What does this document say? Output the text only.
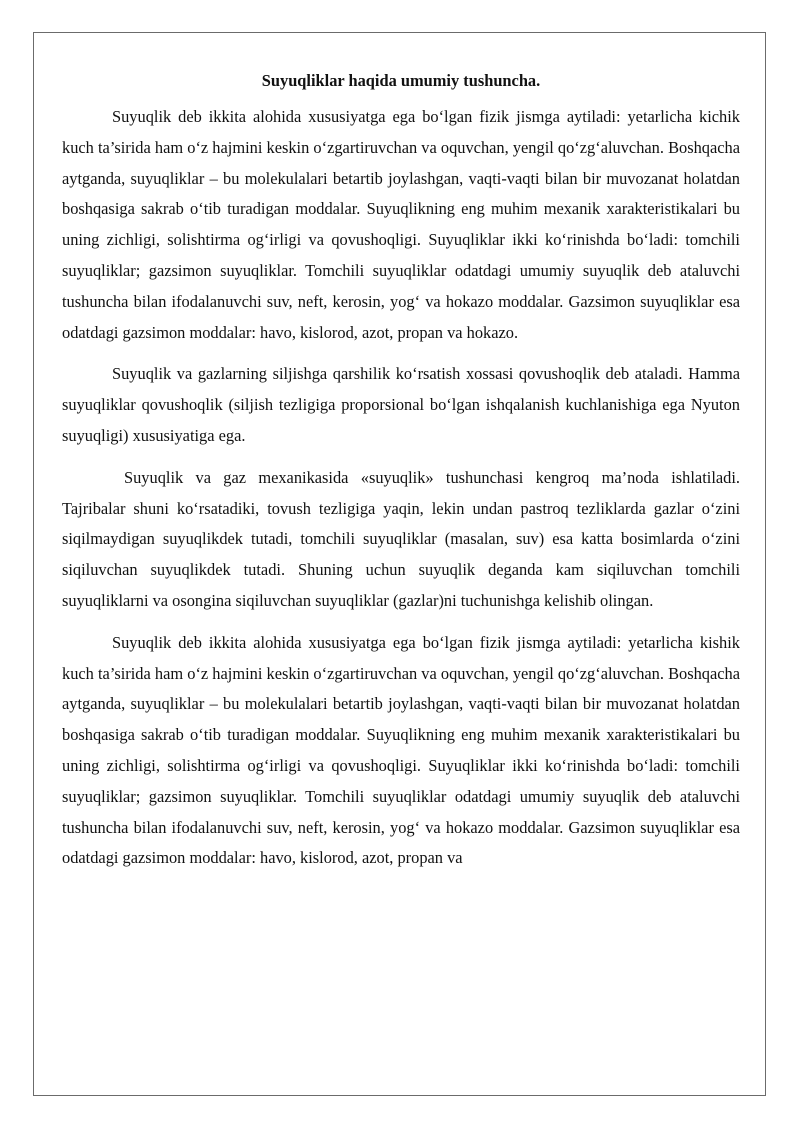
Suyuqliklar haqida umumiy tushuncha.

Suyuqlik deb ikkita alohida xususiyatga ega bo‘lgan fizik jismga aytiladi: yetarlicha kichik kuch ta’sirida ham o‘z hajmini keskin o‘zgartiruvchan va oquvchan, yengil qo‘zg‘aluvchan. Boshqacha aytganda, suyuqliklar – bu molekulalari betartib joylashgan, vaqti-vaqti bilan bir muvozanat holatdan boshqasiga sakrab o‘tib turadigan moddalar. Suyuqlikning eng muhim mexanik xarakteristikalari bu uning zichligi, solishtirma og‘irligi va qovushoqligi. Suyuqliklar ikki ko‘rinishda bo‘ladi: tomchili suyuqliklar; gazsimon suyuqliklar. Tomchili suyuqliklar odatdagi umumiy suyuqlik deb ataluvchi tushuncha bilan ifodalanuvchi suv, neft, kerosin, yog‘ va hokazo moddalar. Gazsimon suyuqliklar esa odatdagi gazsimon moddalar: havo, kislorod, azot, propan va hokazo.

Suyuqlik va gazlarning siljishga qarshilik ko‘rsatish xossasi qovushoqlik deb ataladi. Hamma suyuqliklar qovushoqlik (siljish tezligiga proporsional bo‘lgan ishqalanish kuchlanishiga ega Nyuton suyuqligi) xususiyatiga ega.

Suyuqlik va gaz mexanikasida «suyuqlik» tushunchasi kengroq ma’noda ishlatiladi. Tajribalar shuni ko‘rsatadiki, tovush tezligiga yaqin, lekin undan pastroq tezliklarda gazlar o‘zini siqilmaydigan suyuqlikdek tutadi, tomchili suyuqliklar (masalan, suv) esa katta bosimlarda o‘zini siqiluvchan suyuqlikdek tutadi. Shuning uchun suyuqlik deganda kam siqiluvchan tomchili suyuqliklarni va osongina siqiluvchan suyuqliklar (gazlar)ni tuchunishga kelishib olingan.

Suyuqlik deb ikkita alohida xususiyatga ega bo‘lgan fizik jismga aytiladi: yetarlicha kishik kuch ta’sirida ham o‘z hajmini keskin o‘zgartiruvchan va oquvchan, yengil qo‘zg‘aluvchan. Boshqacha aytganda, suyuqliklar – bu molekulalari betartib joylashgan, vaqti-vaqti bilan bir muvozanat holatdan boshqasiga sakrab o‘tib turadigan moddalar. Suyuqlikning eng muhim mexanik xarakteristikalari bu uning zichligi, solishtirma og‘irligi va qovushoqligi. Suyuqliklar ikki ko‘rinishda bo‘ladi: tomchili suyuqliklar; gazsimon suyuqliklar. Tomchili suyuqliklar odatdagi umumiy suyuqlik deb ataluvchi tushuncha bilan ifodalanuvchi suv, neft, kerosin, yog‘ va hokazo moddalar. Gazsimon suyuqliklar esa odatdagi gazsimon moddalar: havo, kislorod, azot, propan va
